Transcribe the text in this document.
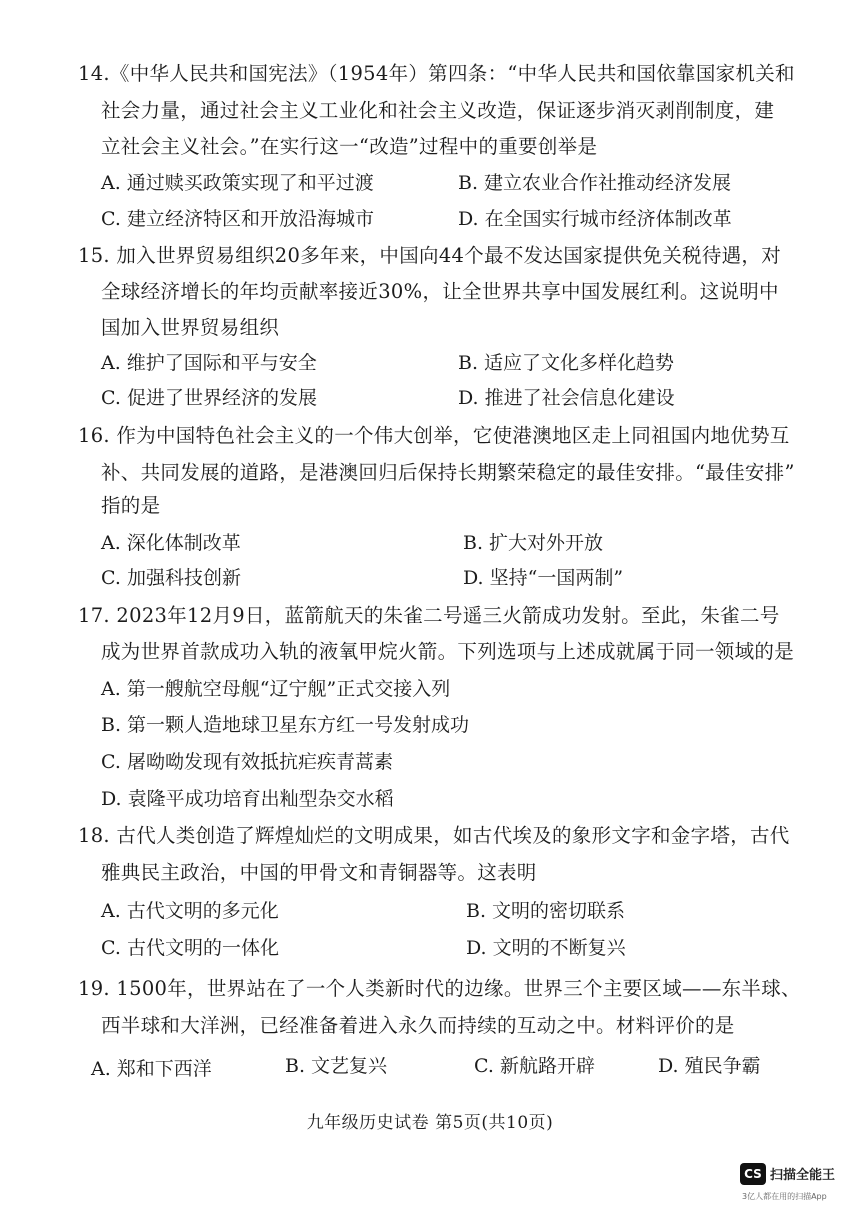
14.《中华人民共和国宪法》（1954年）第四条：“中华人民共和国依靠国家机关和
社会力量，通过社会主义工业化和社会主义改造，保证逐步消灭剥削制度，建
立社会主义社会。”在实行这一“改造”过程中的重要创举是
A. 通过赎买政策实现了和平过渡	B. 建立农业合作社推动经济发展
C. 建立经济特区和开放沿海城市	D. 在全国实行城市经济体制改革
15. 加入世界贸易组织20多年来，中国向44个最不发达国家提供免关税待遇，对
全球经济增长的年均贡献率接近30%，让全世界共享中国发展红利。这说明中
国加入世界贸易组织
A. 维护了国际和平与安全	B. 适应了文化多样化趋势
C. 促进了世界经济的发展	D. 推进了社会信息化建设
16. 作为中国特色社会主义的一个伟大创举，它使港澳地区走上同祖国内地优势互
补、共同发展的道路，是港澳回归后保持长期繁荣稳定的最佳安排。“最佳安排”
指的是
A. 深化体制改革	B. 扩大对外开放
C. 加强科技创新	D. 坚持“一国两制”
17. 2023年12月9日，蓝箭航天的朱雀二号遥三火箭成功发射。至此，朱雀二号
成为世界首款成功入轨的液氧甲烷火箭。下列选项与上述成就属于同一领域的是
A. 第一艘航空母舰“辽宁舰”正式交接入列
B. 第一颗人造地球卫星东方红一号发射成功
C. 屠呦呦发现有效抵抗疟疾青蒿素
D. 袁隆平成功培育出籼型杂交水稻
18. 古代人类创造了辉煌灿烂的文明成果，如古代埃及的象形文字和金字塔，古代
雅典民主政治，中国的甲骨文和青铜器等。这表明
A. 古代文明的多元化	B. 文明的密切联系
C. 古代文明的一体化	D. 文明的不断复兴
19. 1500年，世界站在了一个人类新时代的边缘。世界三个主要区域——东半球、
西半球和大洋洲，已经准备着进入永久而持续的互动之中。材料评价的是
A. 郑和下西洋	B. 文艺复兴	C. 新航路开辟	D. 殖民争霸
九年级历史试卷 第5页(共10页)
CS 扫描全能王
3亿人都在用的扫描App
